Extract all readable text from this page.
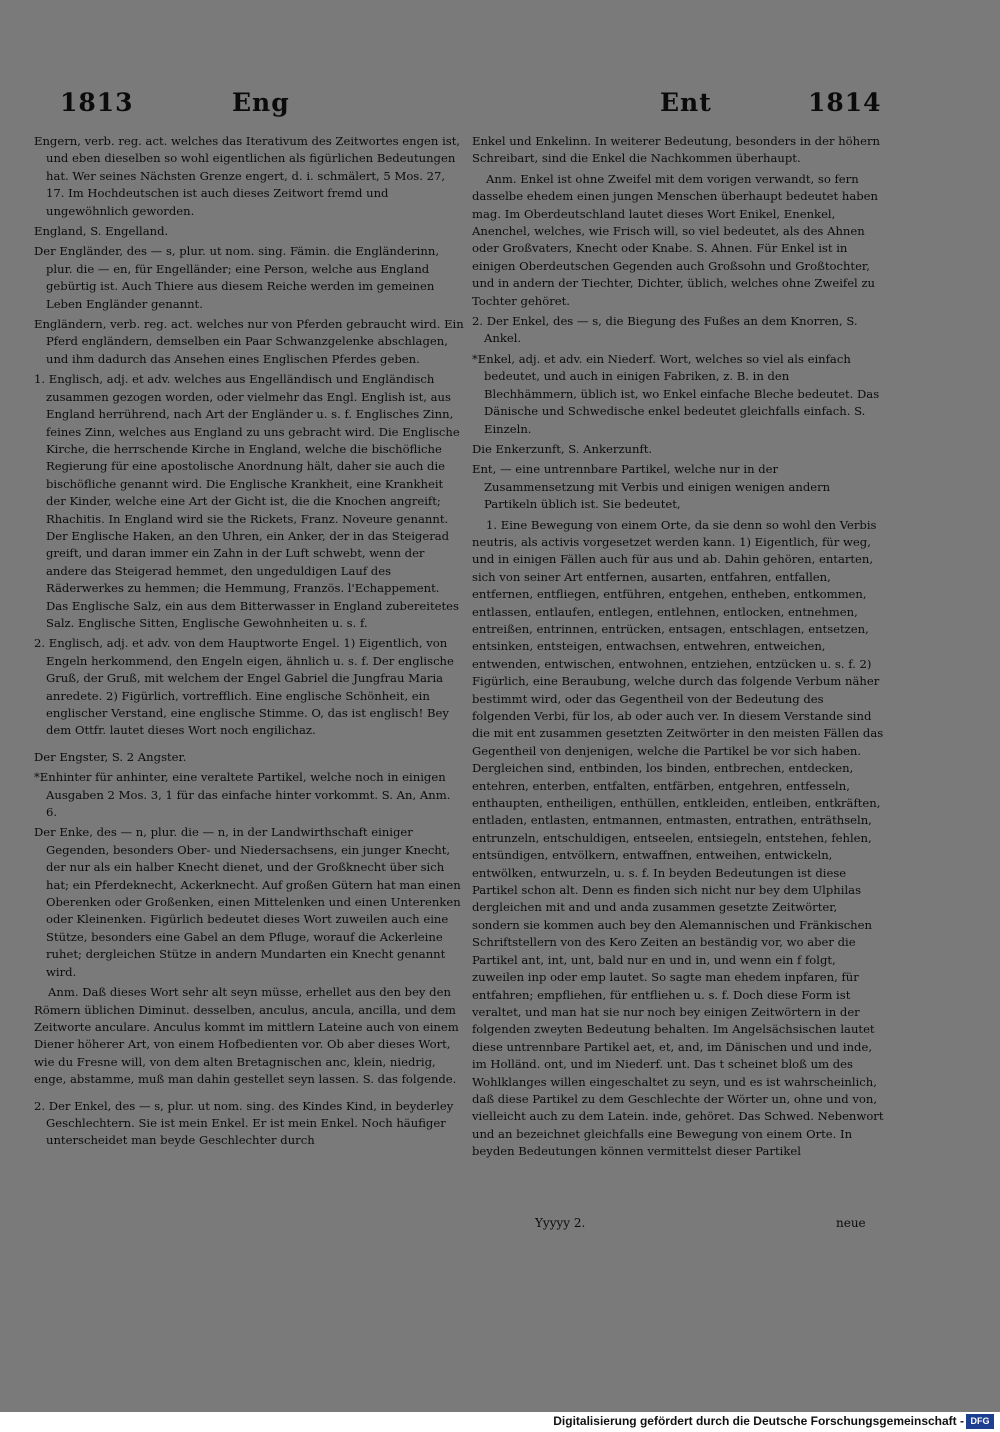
1813	Eng	Ent	1814

Engern, verb. reg. act. welches das Iterativum des Zeitwortes engen ist, und eben dieselben so wohl eigentlichen als figürlichen Bedeutungen hat. Wer seines Nächsten Grenze engert, d. i. schmälert, 5 Mos. 27, 17. Im Hochdeutschen ist auch dieses Zeitwort fremd und ungewöhnlich geworden.

England, S. Engelland.

Der Engländer, des — s, plur. ut nom. sing. Fämin. die Engländerinn, plur. die — en, für Engelländer; eine Person, welche aus England gebürtig ist. Auch Thiere aus diesem Reiche werden im gemeinen Leben Engländer genannt.

Engländern, verb. reg. act. welches nur von Pferden gebraucht wird. Ein Pferd engländern, demselben ein Paar Schwanzgelenke abschlagen, und ihm dadurch das Ansehen eines Englischen Pferdes geben.

1. Englisch, adj. et adv. welches aus Engelländisch und Engländisch zusammen gezogen worden, oder vielmehr das Engl. English ist, aus England herrührend, nach Art der Engländer u. s. f. Englisches Zinn, feines Zinn, welches aus England zu uns gebracht wird. Die Englische Kirche, die herrschende Kirche in England, welche die bischöfliche Regierung für eine apostolische Anordnung hält, daher sie auch die bischöfliche genannt wird. Die Englische Krankheit, eine Krankheit der Kinder, welche eine Art der Gicht ist, die die Knochen angreift; Rhachitis. In England wird sie the Rickets, Franz. Noveure genannt. Der Englische Haken, an den Uhren, ein Anker, der in das Steigerad greift, und daran immer ein Zahn in der Luft schwebt, wenn der andere das Steigerad hemmet, den ungeduldigen Lauf des Räderwerkes zu hemmen; die Hemmung, Französ. l'Echappement. Das Englische Salz, ein aus dem Bitterwasser in England zubereitetes Salz. Englische Sitten, Englische Gewohnheiten u. s. f.

2. Englisch, adj. et adv. von dem Hauptworte Engel. 1) Eigentlich, von Engeln herkommend, den Engeln eigen, ähnlich u. s. f. Der englische Gruß, der Gruß, mit welchem der Engel Gabriel die Jungfrau Maria anredete. 2) Figürlich, vortrefflich. Eine englische Schönheit, ein englischer Verstand, eine englische Stimme. O, das ist englisch! Bey dem Ottfr. lautet dieses Wort noch engilichaz.

Der Engster, S. 2 Angster.

*Enhinter für anhinter, eine veraltete Partikel, welche noch in einigen Ausgaben 2 Mos. 3, 1 für das einfache hinter vorkommt. S. An, Anm. 6.

Der Enke, des — n, plur. die — n, in der Landwirthschaft einiger Gegenden, besonders Ober- und Niedersachsens, ein junger Knecht, der nur als ein halber Knecht dienet, und der Großknecht über sich hat; ein Pferdeknecht, Ackerknecht. Auf großen Gütern hat man einen Oberenken oder Großenken, einen Mittelenken und einen Unterenken oder Kleinenken. Figürlich bedeutet dieses Wort zuweilen auch eine Stütze, besonders eine Gabel an dem Pfluge, worauf die Ackerleine ruhet; dergleichen Stütze in andern Mundarten ein Knecht genannt wird.

Anm. Daß dieses Wort sehr alt seyn müsse, erhellet aus den bey den Römern üblichen Diminut. desselben, anculus, ancula, ancilla, und dem Zeitworte anculare. Anculus kommt im mittlern Lateine auch von einem Diener höherer Art, von einem Hofbedienten vor. Ob aber dieses Wort, wie du Fresne will, von dem alten Bretagnischen anc, klein, niedrig, enge, abstamme, muß man dahin gestellet seyn lassen. S. das folgende.

2. Der Enkel, des — s, plur. ut nom. sing. des Kindes Kind, in beyderley Geschlechtern. Sie ist mein Enkel. Er ist mein Enkel. Noch häufiger unterscheidet man beyde Geschlechter durch

Enkel und Enkelinn. In weiterer Bedeutung, besonders in der höhern Schreibart, sind die Enkel die Nachkommen überhaupt.

Anm. Enkel ist ohne Zweifel mit dem vorigen verwandt, so fern dasselbe ehedem einen jungen Menschen überhaupt bedeutet haben mag. Im Oberdeutschland lautet dieses Wort Enikel, Enenkel, Anenchel, welches, wie Frisch will, so viel bedeutet, als des Ahnen oder Großvaters, Knecht oder Knabe. S. Ahnen. Für Enkel ist in einigen Oberdeutschen Gegenden auch Großsohn und Großtochter, und in andern der Tiechter, Dichter, üblich, welches ohne Zweifel zu Tochter gehöret.

2. Der Enkel, des — s, die Biegung des Fußes an dem Knorren, S. Ankel.

*Enkel, adj. et adv. ein Niederf. Wort, welches so viel als einfach bedeutet, und auch in einigen Fabriken, z. B. in den Blechhämmern, üblich ist, wo Enkel einfache Bleche bedeutet. Das Dänische und Schwedische enkel bedeutet gleichfalls einfach. S. Einzeln.

Die Enkerzunft, S. Ankerzunft.

Ent, — eine untrennbare Partikel, welche nur in der Zusammensetzung mit Verbis und einigen wenigen andern Partikeln üblich ist. Sie bedeutet,

1. Eine Bewegung von einem Orte, da sie denn so wohl den Verbis neutris, als activis vorgesetzet werden kann. 1) Eigentlich, für weg, und in einigen Fällen auch für aus und ab. Dahin gehören, entarten, sich von seiner Art entfernen, ausarten, entfahren, entfallen, entfernen, entfliegen, entführen, entgehen, entheben, entkommen, entlassen, entlaufen, entlegen, entlehnen, entlocken, entnehmen, entreißen, entrinnen, entrücken, entsagen, entschlagen, entsetzen, entsinken, entsteigen, entwachsen, entwehren, entweichen, entwenden, entwischen, entwohnen, entziehen, entzücken u. s. f. 2) Figürlich, eine Beraubung, welche durch das folgende Verbum näher bestimmt wird, oder das Gegentheil von der Bedeutung des folgenden Verbi, für los, ab oder auch ver. In diesem Verstande sind die mit ent zusammen gesetzten Zeitwörter in den meisten Fällen das Gegentheil von denjenigen, welche die Partikel be vor sich haben. Dergleichen sind, entbinden, los binden, entbrechen, entdecken, entehren, enterben, entfalten, entfärben, entgehren, entfesseln, enthaupten, entheiligen, enthüllen, entkleiden, entleiben, entkräften, entladen, entlasten, entmannen, entmasten, entrathen, enträthseln, entrunzeln, entschuldigen, entseelen, entsiegeln, entstehen, fehlen, entsündigen, entvölkern, entwaffnen, entweihen, entwickeln, entwölken, entwurzeln, u. s. f. In beyden Bedeutungen ist diese Partikel schon alt. Denn es finden sich nicht nur bey dem Ulphilas dergleichen mit and und anda zusammen gesetzte Zeitwörter, sondern sie kommen auch bey den Alemannischen und Fränkischen Schriftstellern von des Kero Zeiten an beständig vor, wo aber die Partikel ant, int, unt, bald nur en und in, und wenn ein f folgt, zuweilen inp oder emp lautet. So sagte man ehedem inpfaren, für entfahren; empfliehen, für entfliehen u. s. f. Doch diese Form ist veraltet, und man hat sie nur noch bey einigen Zeitwörtern in der folgenden zweyten Bedeutung behalten. Im Angelsächsischen lautet diese untrennbare Partikel aet, et, and, im Dänischen und und inde, im Holländ. ont, und im Niederf. unt. Das t scheinet bloß um des Wohlklanges willen eingeschaltet zu seyn, und es ist wahrscheinlich, daß diese Partikel zu dem Geschlechte der Wörter un, ohne und von, vielleicht auch zu dem Latein. inde, gehöret. Das Schwed. Nebenwort und an bezeichnet gleichfalls eine Bewegung von einem Orte. In beyden Bedeutungen können vermittelst dieser Partikel

Yyyyy 2.	neue
Digitalisierung gefördert durch die Deutsche Forschungsgemeinschaft - DFG
